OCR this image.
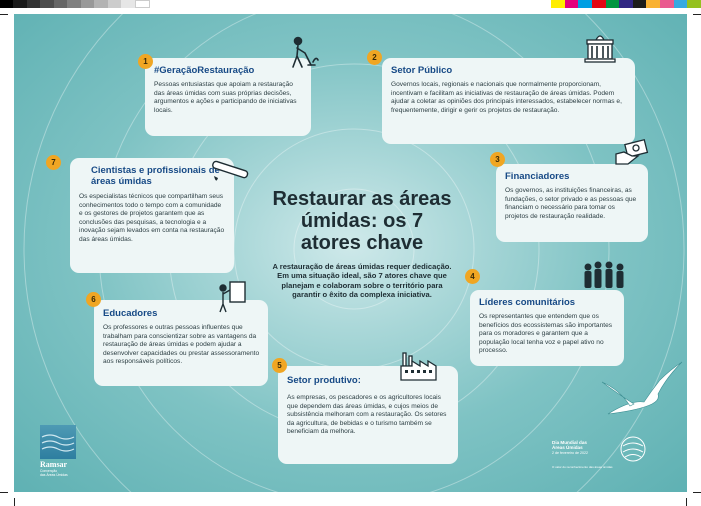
#GeraçãoRestauração

Pessoas entusiastas que apoiam a restauração das áreas úmidas com suas próprias decisões, argumentos e ações e participando de iniciativas locais.

1
Setor Público

Governos locais, regionais e nacionais que normalmente proporcionam, incentivam e facilitam as iniciativas de restauração de áreas úmidas. Podem ajudar a coletar as opiniões dos principais interessados, estabelecer normas e, frequentemente, dirigir e gerir os projetos de restauração.

2
Financiadores

Os governos, as instituições financeiras, as fundações, o setor privado e as pessoas que financiam o necessário para tomar os projetos de restauração realidade.

3
Líderes comunitários

Os representantes que entendem que os benefícios dos ecossistemas são importantes para os moradores e garantem que a população local tenha voz e papel ativo no processo.

4
Setor produtivo:

As empresas, os pescadores e os agricultores locais que dependem das áreas úmidas, e cujos meios de subsistência melhoram com a restauração. Os setores da agricultura, de bebidas e o turismo também se beneficiam da melhora.

5
Educadores

Os professores e outras pessoas influentes que trabalham para conscientizar sobre as vantagens da restauração de áreas úmidas e podem ajudar a desenvolver capacidades ou prestar assessoramento aos responsáveis políticos.

6
Cientistas e profissionais de áreas úmidas

Os especialistas técnicos que compartilham seus conhecimentos todo o tempo com a comunidade e os gestores de projetos garantem que as conclusões das pesquisas, a tecnologia e a inovação sejam levados em conta na restauração das áreas úmidas.

7
Restaurar as áreas úmidas: os 7 atores chave
A restauração de áreas úmidas requer dedicação. Em uma situação ideal, são 7 atores chave que planejam e colaboram sobre o território para garantir o êxito da complexa iniciativa.
Ramsar
Convenção
das Áreas Úmidas
Dia Mundial das
Áreas Úmidas
2 de fevereiro de 2022
O valor do reconhecimento das áreas úmidas
